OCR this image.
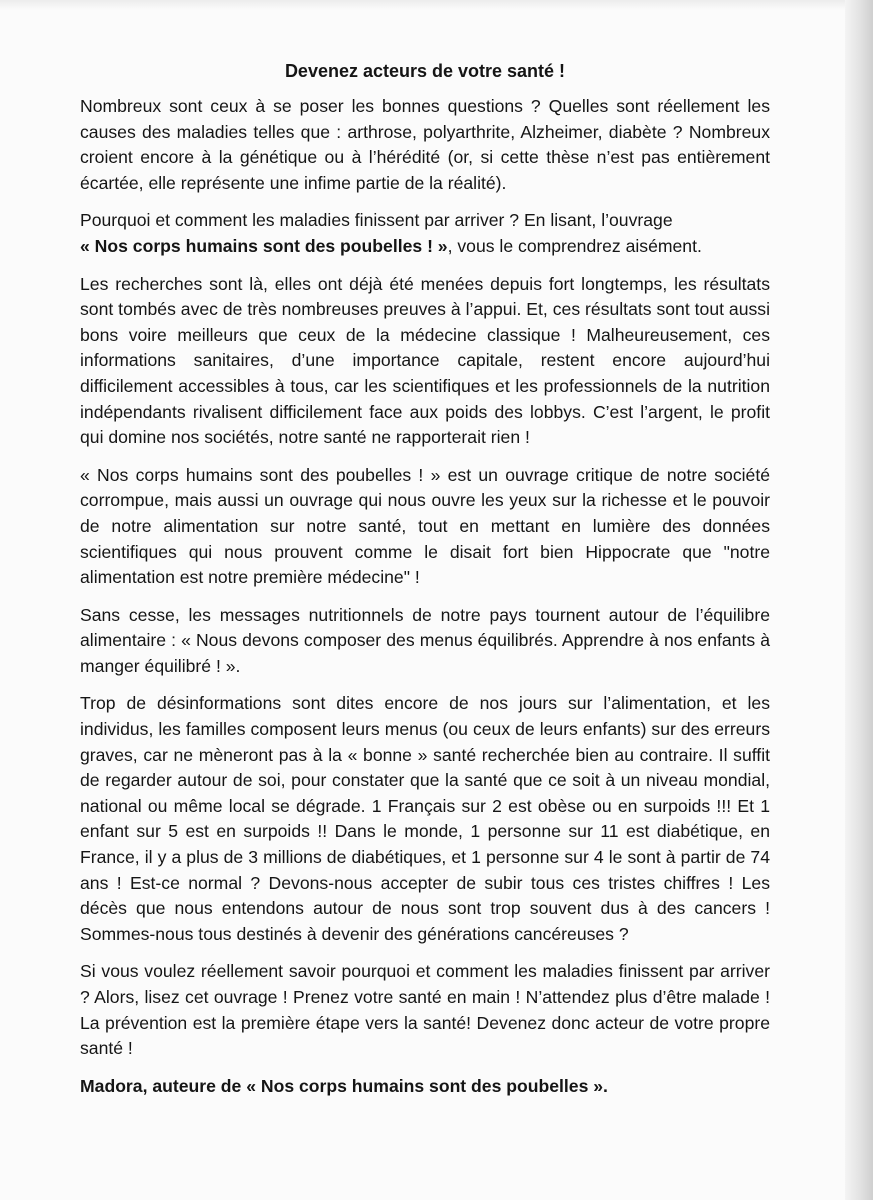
Devenez acteurs de votre santé !

Nombreux sont ceux à se poser les bonnes questions ? Quelles sont réellement les causes des maladies telles que : arthrose, polyarthrite, Alzheimer, diabète ? Nombreux croient encore à la génétique ou à l’hérédité (or, si cette thèse n’est pas entièrement écartée, elle représente une infime partie de la réalité).

Pourquoi et comment les maladies finissent par arriver ? En lisant, l’ouvrage
« Nos corps humains sont des poubelles ! », vous le comprendrez aisément.

Les recherches sont là, elles ont déjà été menées depuis fort longtemps, les résultats sont tombés avec de très nombreuses preuves à l’appui. Et, ces résultats sont tout aussi bons voire meilleurs que ceux de la médecine classique ! Malheureusement, ces informations sanitaires, d’une importance capitale, restent encore aujourd’hui difficilement accessibles à tous, car les scientifiques et les professionnels de la nutrition indépendants rivalisent difficilement face aux poids des lobbys. C’est l’argent, le profit qui domine nos sociétés, notre santé ne rapporterait rien !

« Nos corps humains sont des poubelles ! » est un ouvrage critique de notre société corrompue, mais aussi un ouvrage qui nous ouvre les yeux sur la richesse et le pouvoir de notre alimentation sur notre santé, tout en mettant en lumière des données scientifiques qui nous prouvent comme le disait fort bien Hippocrate que "notre alimentation est notre première médecine" !

Sans cesse, les messages nutritionnels de notre pays tournent autour de l’équilibre alimentaire : « Nous devons composer des menus équilibrés. Apprendre à nos enfants à manger équilibré ! ».

Trop de désinformations sont dites encore de nos jours sur l’alimentation, et les individus, les familles composent leurs menus (ou ceux de leurs enfants) sur des erreurs graves, car ne mèneront pas à la « bonne » santé recherchée bien au contraire. Il suffit de regarder autour de soi, pour constater que la santé que ce soit à un niveau mondial, national ou même local se dégrade. 1 Français sur 2 est obèse ou en surpoids !!! Et 1 enfant sur 5 est en surpoids !! Dans le monde, 1 personne sur 11 est diabétique, en France, il y a plus de 3 millions de diabétiques, et 1 personne sur 4 le sont à partir de 74 ans ! Est-ce normal ? Devons-nous accepter de subir tous ces tristes chiffres ! Les décès que nous entendons autour de nous sont trop souvent dus à des cancers ! Sommes-nous tous destinés à devenir des générations cancéreuses ?

Si vous voulez réellement savoir pourquoi et comment les maladies finissent par arriver ? Alors, lisez cet ouvrage ! Prenez votre santé en main ! N’attendez plus d’être malade ! La prévention est la première étape vers la santé! Devenez donc acteur de votre propre santé !

Madora, auteure de « Nos corps humains sont des poubelles ».
